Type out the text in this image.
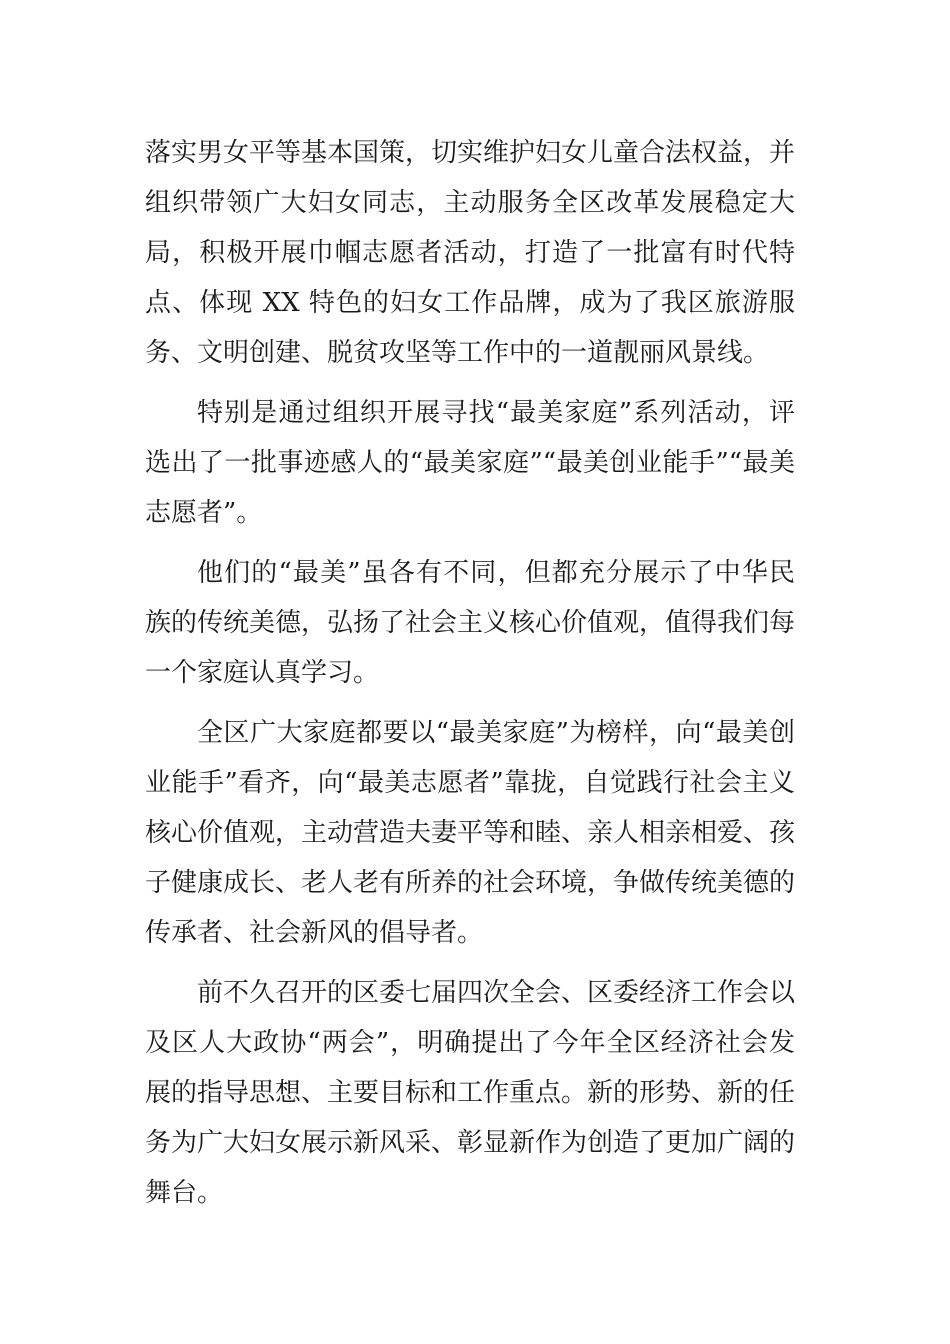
落实男女平等基本国策，切实维护妇女儿童合法权益，并组织带领广大妇女同志，主动服务全区改革发展稳定大局，积极开展巾帼志愿者活动，打造了一批富有时代特点、体现 XX 特色的妇女工作品牌，成为了我区旅游服务、文明创建、脱贫攻坚等工作中的一道靓丽风景线。

特别是通过组织开展寻找“最美家庭”系列活动，评选出了一批事迹感人的“最美家庭”“最美创业能手”“最美志愿者”。

他们的“最美”虽各有不同，但都充分展示了中华民族的传统美德，弘扬了社会主义核心价值观，值得我们每一个家庭认真学习。

全区广大家庭都要以“最美家庭”为榜样，向“最美创业能手”看齐，向“最美志愿者”靠拢，自觉践行社会主义核心价值观，主动营造夫妻平等和睦、亲人相亲相爱、孩子健康成长、老人老有所养的社会环境，争做传统美德的传承者、社会新风的倡导者。

前不久召开的区委七届四次全会、区委经济工作会以及区人大政协“两会”，明确提出了今年全区经济社会发展的指导思想、主要目标和工作重点。新的形势、新的任务为广大妇女展示新风采、彰显新作为创造了更加广阔的舞台。
